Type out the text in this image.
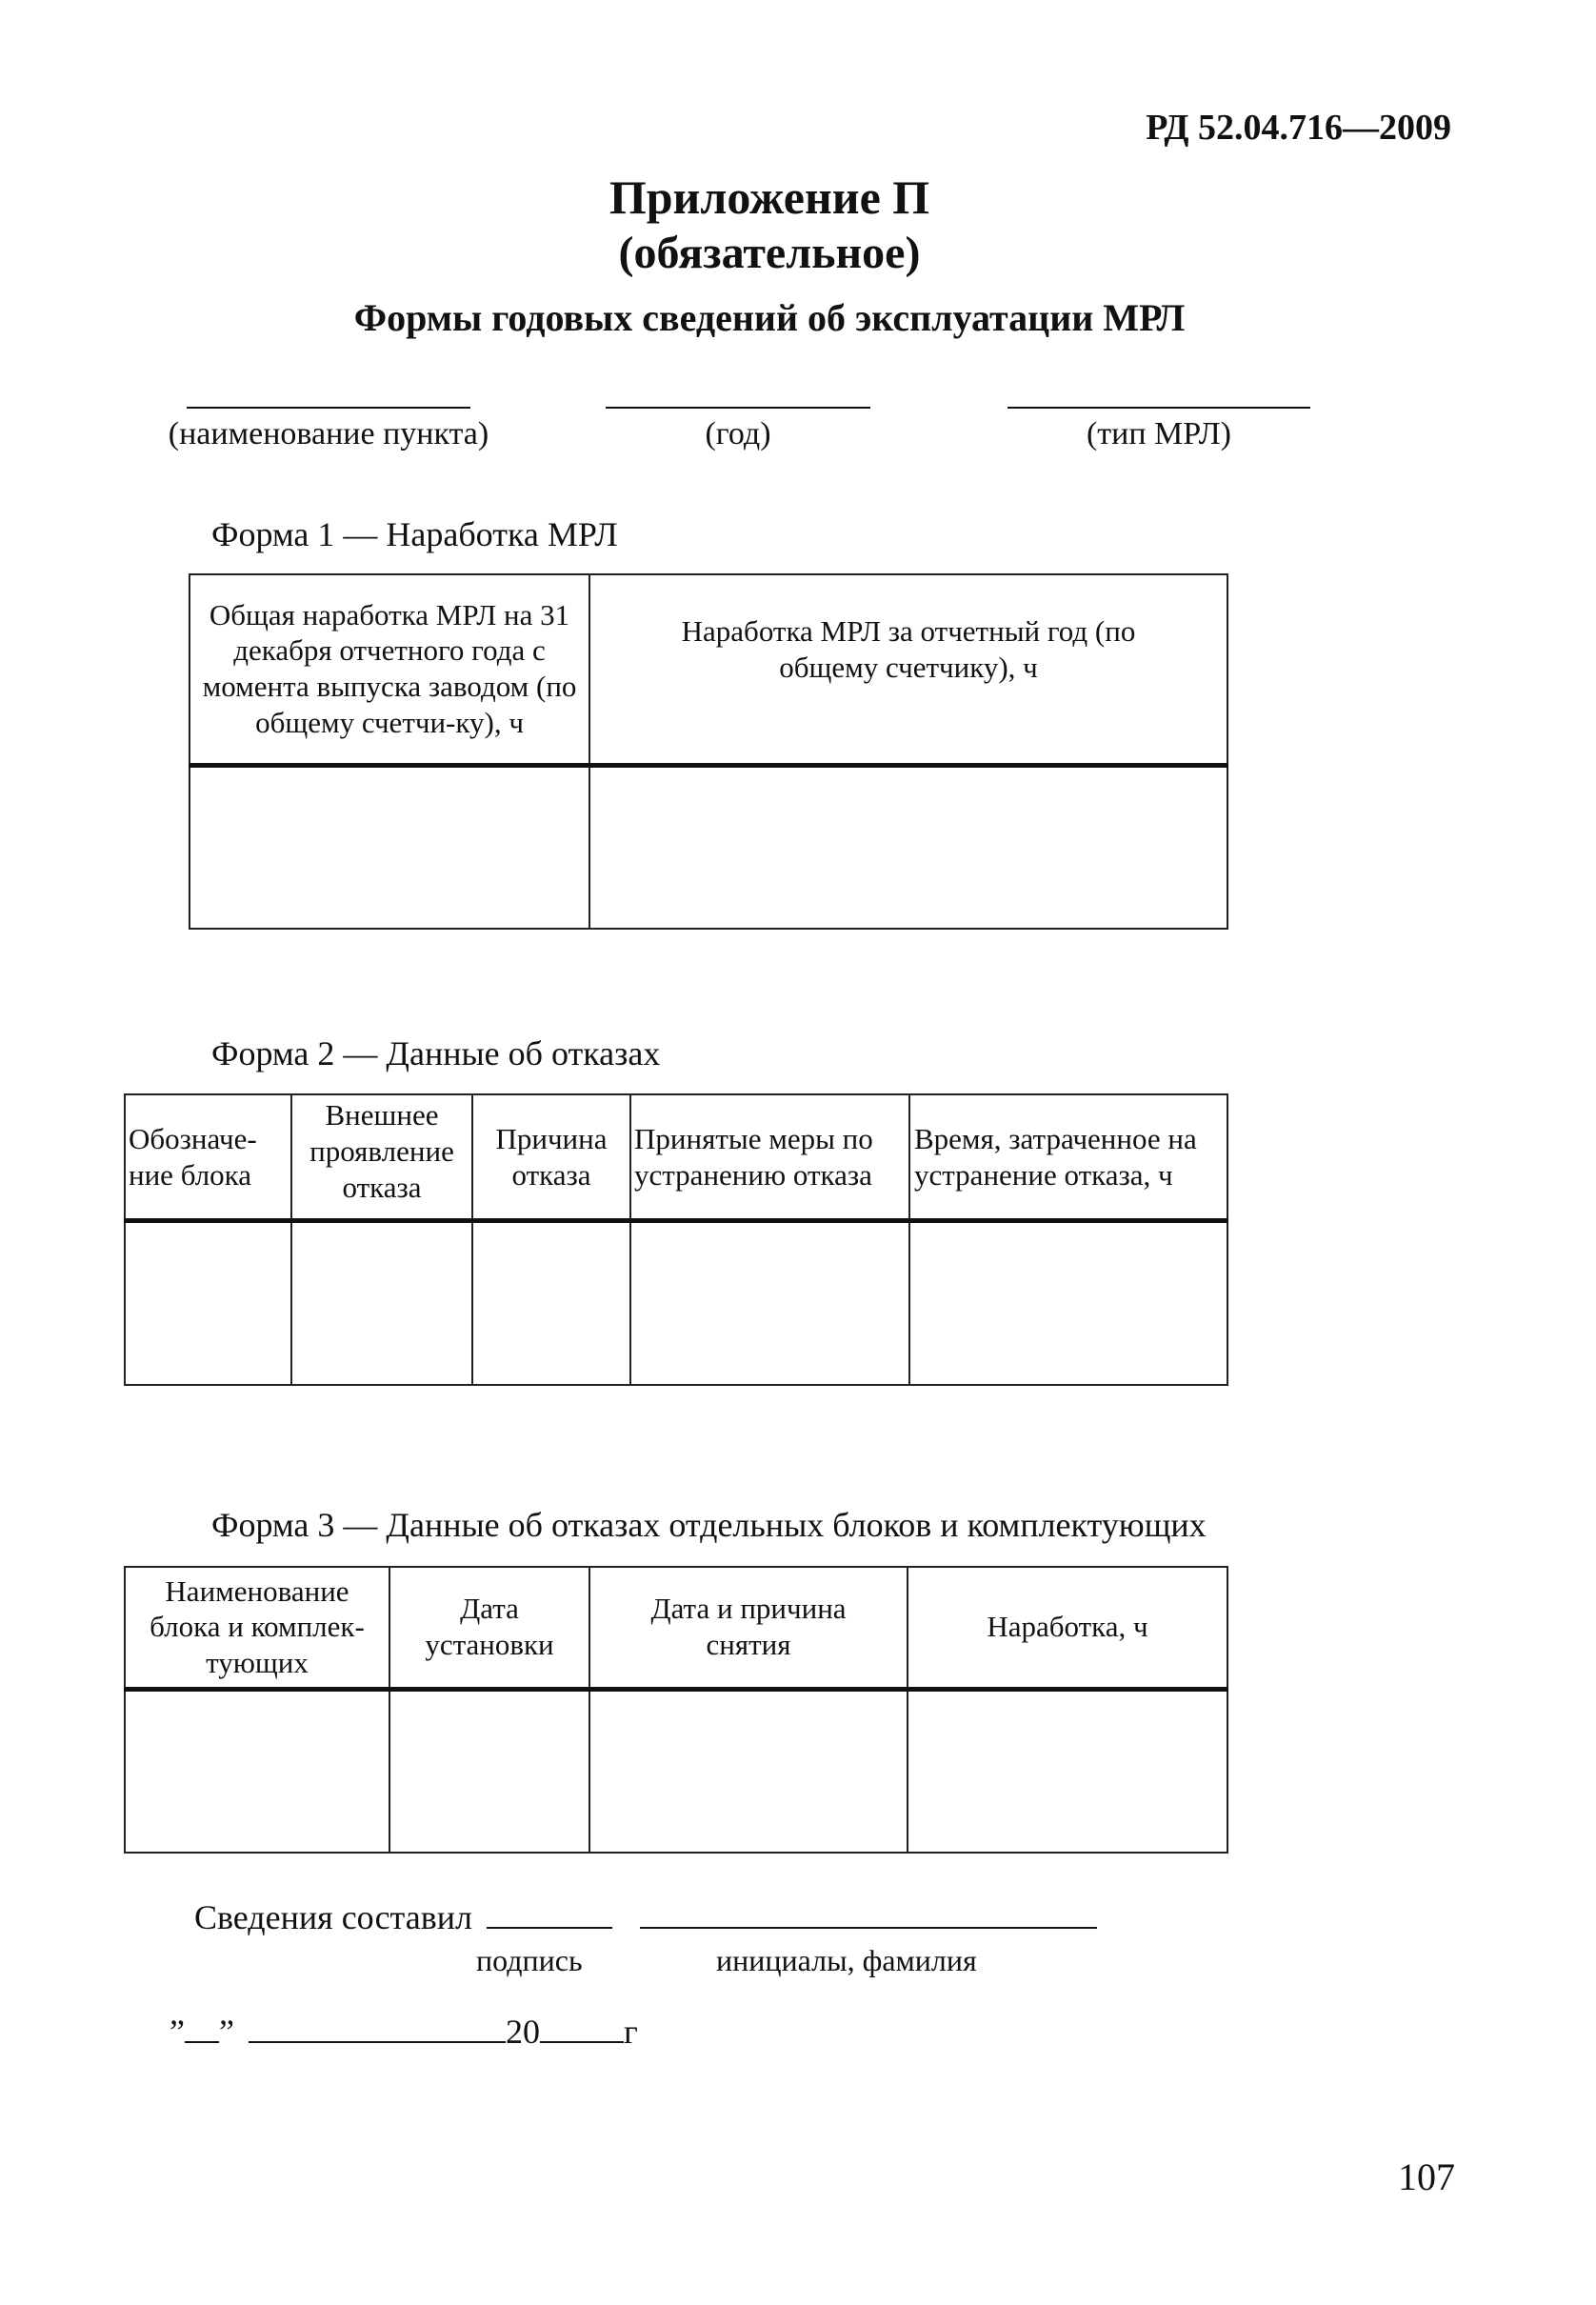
РД 52.04.716—2009
Приложение П
(обязательное)
Формы годовых сведений об эксплуатации МРЛ
(наименование пункта)	(год)	(тип МРЛ)
Форма 1 — Наработка МРЛ
Общая наработка МРЛ на 31 декабря отчетного года с момента выпуска заводом (по общему счетчи-ку), ч	Наработка МРЛ за отчетный год (по общему счетчику), ч

Форма 2 — Данные об отказах
Обозначе-ние блока	Внешнее проявление отказа	Причина отказа	Принятые меры по устранению отказа	Время, затраченное на устранение отказа, ч

Форма 3 — Данные об отказах отдельных блоков и комплектующих
Наименование блока и комплек-тующих	Дата установки	Дата и причина снятия	Наработка, ч

Сведения составил
подпись	инициалы, фамилия
” ”	20 г
107
